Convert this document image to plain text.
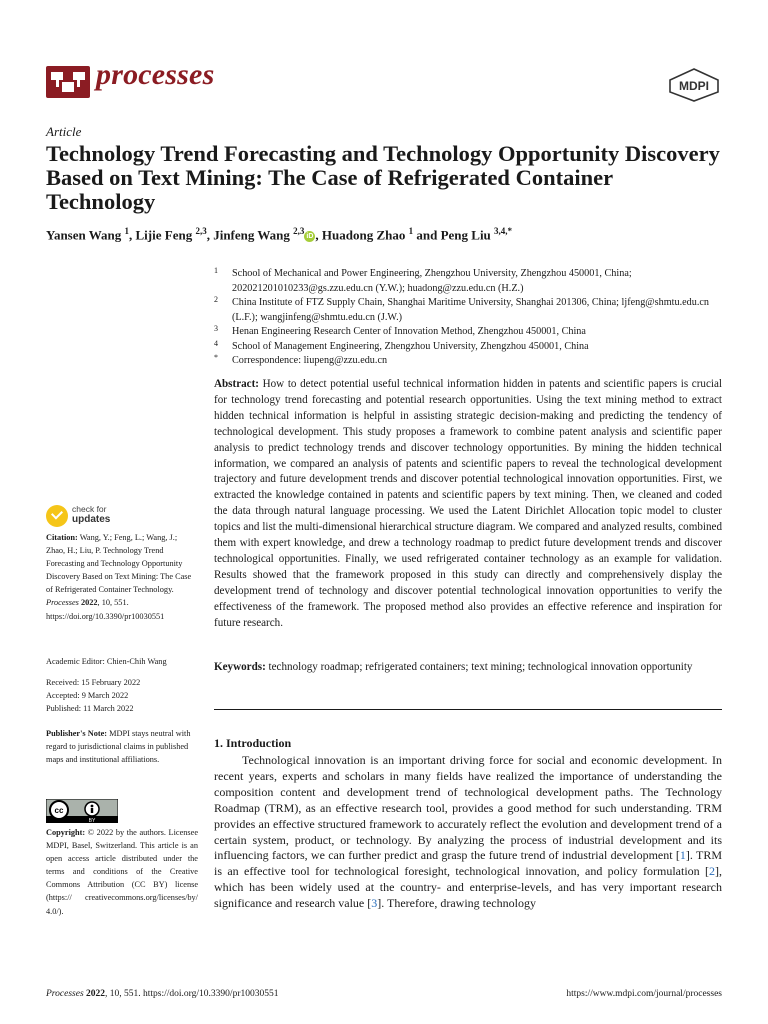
processes	MDPI
Article
Technology Trend Forecasting and Technology Opportunity Discovery Based on Text Mining: The Case of Refrigerated Container Technology
Yansen Wang $^1$, Lijie Feng $^{2,3}$, Jinfeng Wang $^{2,3}$iD , Huadong Zhao $^1$ and Peng Liu $^{3,4,*}$
1 School of Mechanical and Power Engineering, Zhengzhou University, Zhengzhou 450001, China; 202021201010233@gs.zzu.edu.cn (Y.W.); huadong@zzu.edu.cn (H.Z.)
2 China Institute of FTZ Supply Chain, Shanghai Maritime University, Shanghai 201306, China; ljfeng@shmtu.edu.cn (L.F.); wangjinfeng@shmtu.edu.cn (J.W.)
3 Henan Engineering Research Center of Innovation Method, Zhengzhou 450001, China
4 School of Management Engineering, Zhengzhou University, Zhengzhou 450001, China
* Correspondence: liupeng@zzu.edu.cn
Abstract: How to detect potential useful technical information hidden in patents and scientific papers is crucial for technology trend forecasting and potential research opportunities. Using the text mining method to extract hidden technical information is helpful in assisting strategic decision-making and predicting the tendency of technological development. This study proposes a framework to combine patent analysis and scientific paper analysis to predict technology trends and discover technology opportunities. By mining the hidden technical information, we compared an analysis of patents and scientific papers to reveal the technological development trajectory and future development trends and discover potential technological innovation opportunities. First, we extracted the knowledge contained in patents and scientific papers by text mining. Then, we cleaned and coded the data through natural language processing. We used the Latent Dirichlet Allocation topic model to cluster topics and list the multi-dimensional hierarchical structure diagram. We compared and analyzed results, combined them with expert knowledge, and drew a technology roadmap to predict future development trends and discover technological opportunities. Finally, we used refrigerated container technology as an example for validation. Results showed that the framework proposed in this study can directly and comprehensively display the development trend of technology and discover potential technological innovation opportunities to verify the effectiveness of the framework. The proposed method also provides an effective reference and inspiration for future research.
Keywords: technology roadmap; refrigerated containers; text mining; technological innovation opportunity
1. Introduction
Technological innovation is an important driving force for social and economic development. In recent years, experts and scholars in many fields have realized the importance of understanding the composition content and development trend of technological development paths. The Technology Roadmap (TRM), as an effective research tool, provides a good method for such understanding. TRM provides an effective structured framework to accurately reflect the evolution and development trend of a certain system, product, or technology. By analyzing the process of industrial development and its influencing factors, we can further predict and grasp the future trend of industrial development [1]. TRM is an effective tool for technological foresight, technological innovation, and policy formulation [2], which has been widely used at the country- and enterprise-levels, and has very important research significance and research value [3]. Therefore, drawing technology
check for
updates
Citation: Wang, Y.; Feng, L.; Wang, J.; Zhao, H.; Liu, P. Technology Trend Forecasting and Technology Opportunity Discovery Based on Text Mining: The Case of Refrigerated Container Technology. Processes 2022, 10, 551. https://doi.org/10.3390/pr10030551
Academic Editor: Chien-Chih Wang
Received: 15 February 2022
Accepted: 9 March 2022
Published: 11 March 2022
Publisher's Note: MDPI stays neutral with regard to jurisdictional claims in published maps and institutional affiliations.
cc
BY
Copyright: © 2022 by the authors. Licensee MDPI, Basel, Switzerland. This article is an open access article distributed under the terms and conditions of the Creative Commons Attribution (CC BY) license (https:// creativecommons.org/licenses/by/ 4.0/).
Processes 2022, 10, 551. https://doi.org/10.3390/pr10030551	https://www.mdpi.com/journal/processes
